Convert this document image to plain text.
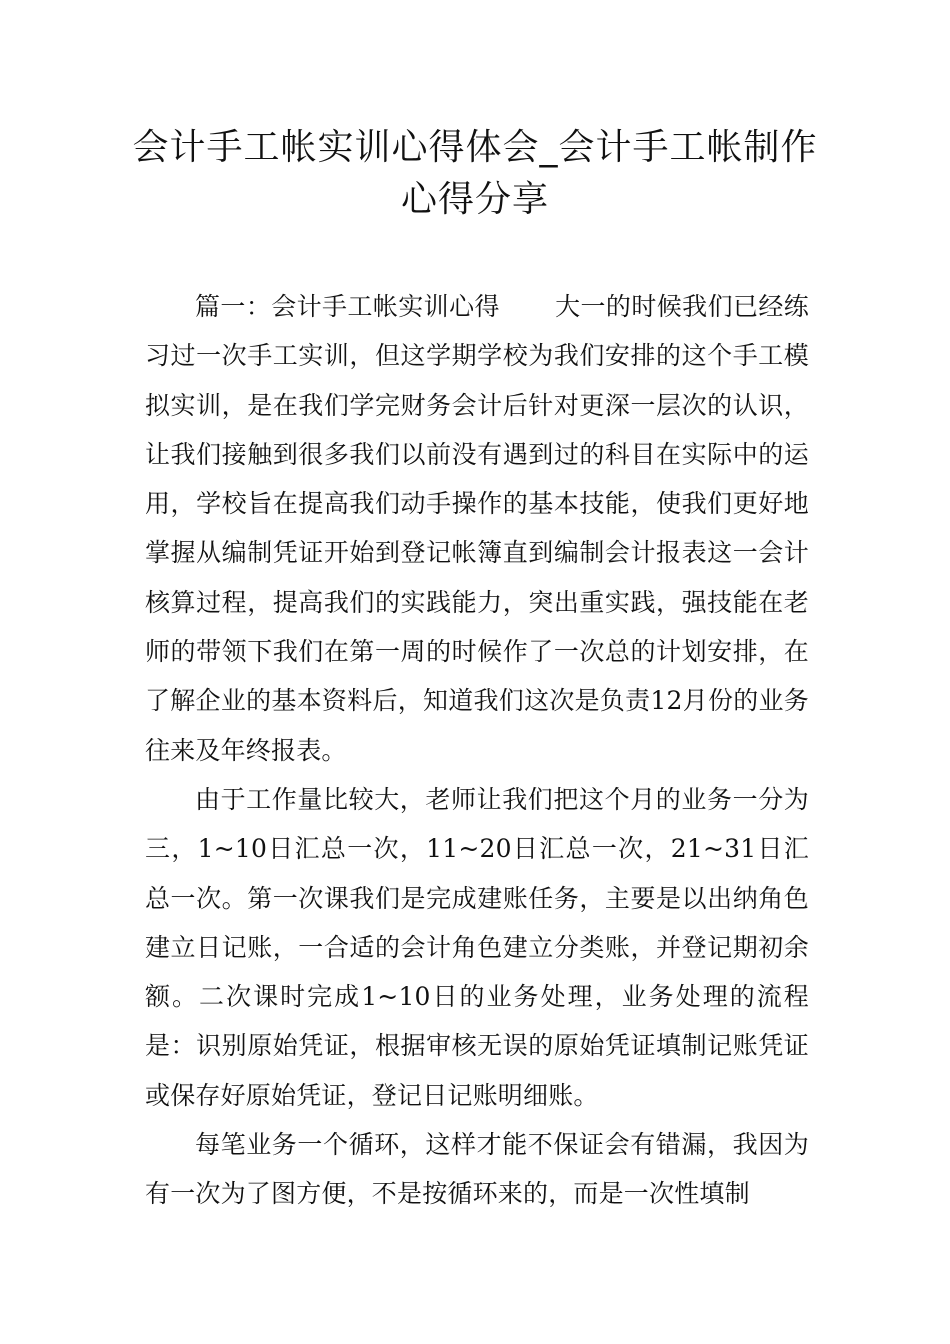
会计手工帐实训心得体会_会计手工帐制作
心得分享

篇一：会计手工帐实训心得 大一的时候我们已经练习过一次手工实训，但这学期学校为我们安排的这个手工模拟实训，是在我们学完财务会计后针对更深一层次的认识，让我们接触到很多我们以前没有遇到过的科目在实际中的运用，学校旨在提高我们动手操作的基本技能，使我们更好地掌握从编制凭证开始到登记帐簿直到编制会计报表这一会计核算过程，提高我们的实践能力，突出重实践，强技能在老师的带领下我们在第一周的时候作了一次总的计划安排，在了解企业的基本资料后，知道我们这次是负责12月份的业务往来及年终报表。

由于工作量比较大，老师让我们把这个月的业务一分为三，1~10日汇总一次，11~20日汇总一次，21~31日汇总一次。第一次课我们是完成建账任务，主要是以出纳角色建立日记账，一合适的会计角色建立分类账，并登记期初余额。二次课时完成1~10日的业务处理，业务处理的流程是：识别原始凭证，根据审核无误的原始凭证填制记账凭证或保存好原始凭证，登记日记账明细账。

每笔业务一个循环，这样才能不保证会有错漏，我因为有一次为了图方便，不是按循环来的，而是一次性填制
